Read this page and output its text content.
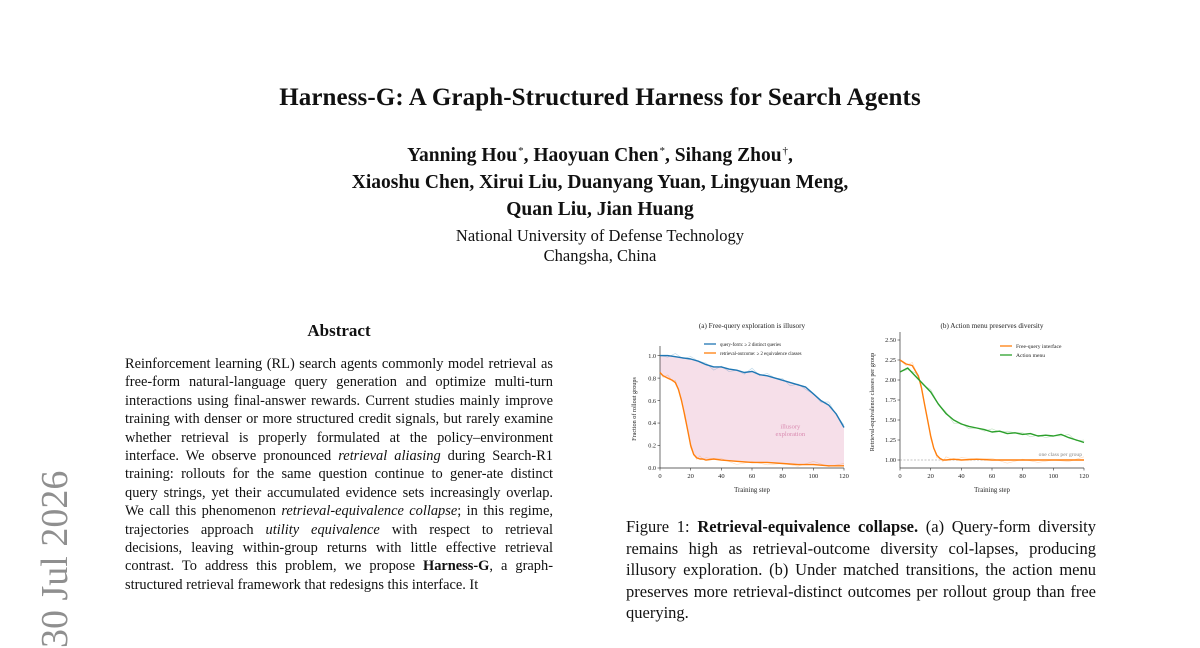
Harness-G: A Graph-Structured Harness for Search Agents
Yanning Hou*, Haoyuan Chen*, Sihang Zhou†,
Xiaoshu Chen, Xirui Liu, Duanyang Yuan, Lingyuan Meng,
Quan Liu, Jian Huang
National University of Defense Technology
Changsha, China
30 Jul 2026
Abstract
Reinforcement learning (RL) search agents commonly model retrieval as free-form natural-language query generation and optimize multi-turn interactions using final-answer rewards. Current studies mainly improve training with denser or more structured credit signals, but rarely examine whether retrieval is properly formulated at the policy–environment interface. We observe pronounced retrieval aliasing during Search-R1 training: rollouts for the same question continue to gener-ate distinct query strings, yet their accumulated evidence sets increasingly overlap. We call this phenomenon retrieval-equivalence collapse; in this regime, trajectories approach utility equivalence with respect to retrieval decisions, leaving within-group returns with little effective retrieval contrast. To address this problem, we propose Harness-G, a graph-structured retrieval framework that redesigns this interface. It
0	20	40	60	80	100	120
0.0
0.2
0.4
0.6
0.8
1.0
illusory
exploration
query-form: ≥ 2 distinct queries
retrieval-outcome: ≥ 2 equivalence classes
(a) Free-query exploration is illusory
Training step
Fraction of rollout groups
0	20	40	60	80	100	120
1.00
1.25
1.50
1.75
2.00
2.25
2.50
one class per group
Free-query interface
Action menu
(b) Action menu preserves diversity
Training step
Retrieval-equivalence classes per group
Figure 1: Retrieval-equivalence collapse. (a) Query-form diversity remains high as retrieval-outcome diversity col-lapses, producing illusory exploration. (b) Under matched transitions, the action menu preserves more retrieval-distinct outcomes per rollout group than free querying.
